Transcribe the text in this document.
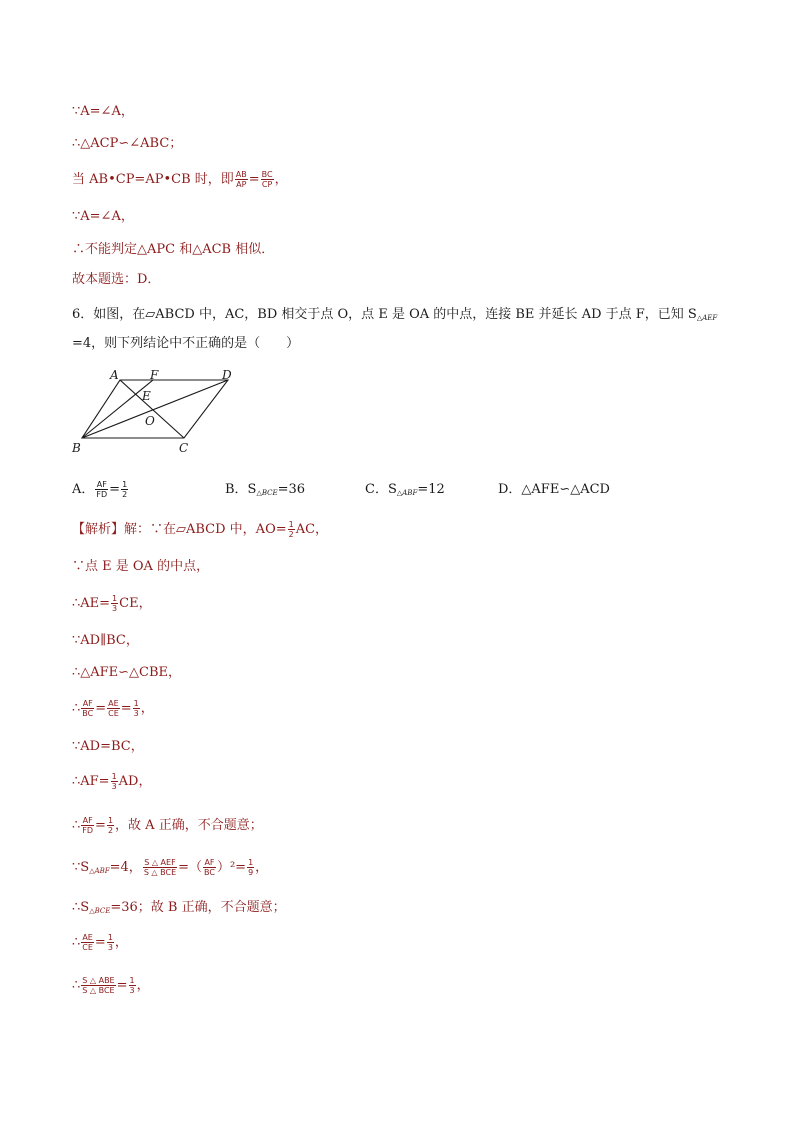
∵A=∠A，
∴△ACP∽∠ABC；
当 AB•CP=AP•CB 时，即 $\frac{AB}{AP} = \frac{BC}{CP}$ ，
∵A=∠A，
∴不能判定△APC 和△ACB 相似．
故本题选：D．
6．如图，在▱ABCD 中，AC，BD 相交于点 O，点 E 是 OA 的中点，连接 BE 并延长 AD 于点 F，已知 $S_{\triangle AEF}$
=4，则下列结论中不正确的是（　　）
A	F	D
E
O
B	C
A． $\frac{AF}{FD} = \frac{1}{2}$	B．$S_{\triangle BCE}=36$	C．$S_{\triangle ABF}=12$	D．△AFE∽△ACD
【解析】解：∵在▱ABCD 中，$AO= \frac{1}{2}$ AC，
∵点 E 是 OA 的中点，
∴AE= $\frac{1}{3}$ CE，
∵AD∥BC，
∴△AFE∽△CBE，
∴ $\frac{AF}{BC} = \frac{AE}{CE} = \frac{1}{3}$ ，
∵AD=BC，
∴AF= $\frac{1}{3}$ AD，
∴ $\frac{AF}{FD} = \frac{1}{2}$ ，故 A 正确，不合题意；
$\because S_{\triangle ABF}=4$， $\frac{\text{S △ AEF}}{\text{S △ BCE}}$ =（ $\frac{AF}{BC} )^2= \frac{1}{9}$ ，
$\therefore S_{\triangle BCE}=36$；故 B 正确，不合题意；
∴ $\frac{AE}{CE} = \frac{1}{3}$ ，
∴ $\frac{\text{S △ ABE}}{\text{S △ BCE}} = \frac{1}{3}$ ，
